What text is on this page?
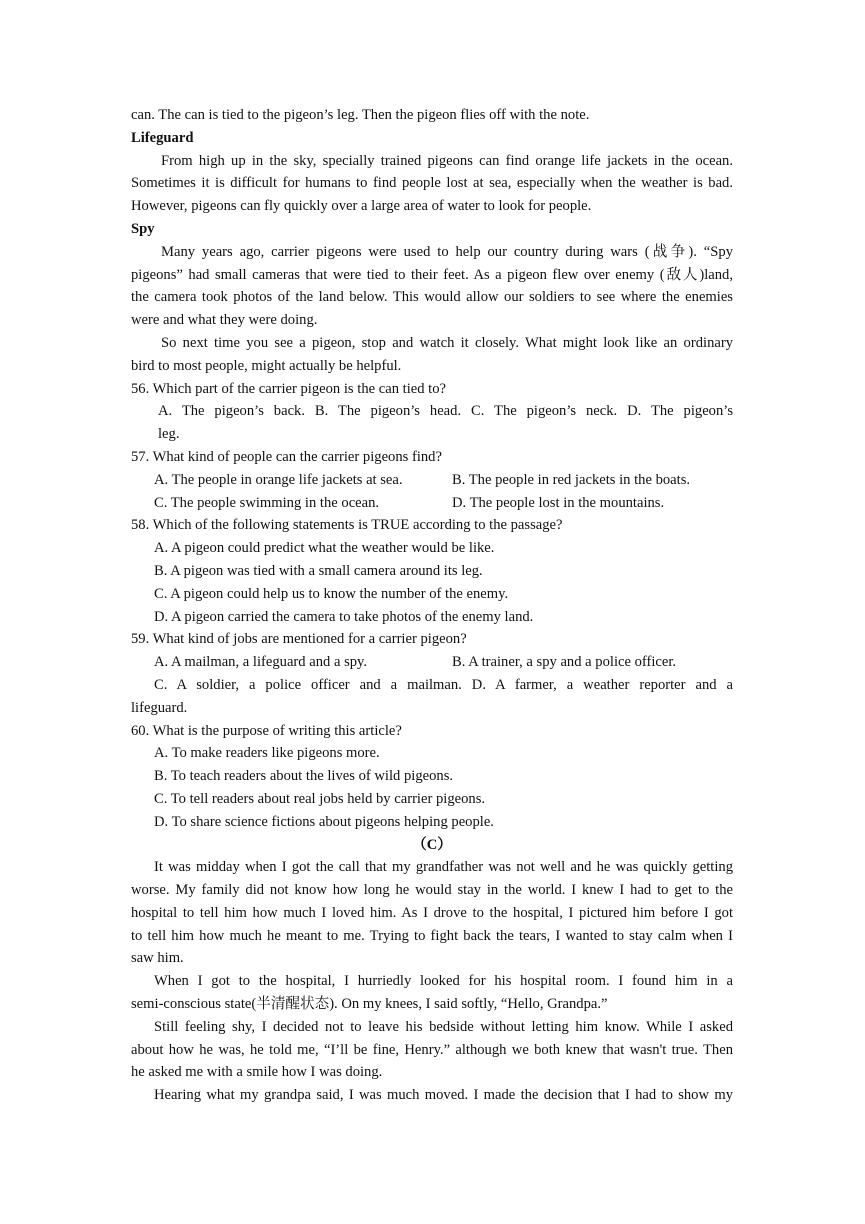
can. The can is tied to the pigeon’s leg. Then the pigeon flies off with the note.
Lifeguard
From high up in the sky, specially trained pigeons can find orange life jackets in the ocean.
Sometimes it is difficult for humans to find people lost at sea, especially when the weather is bad.
However, pigeons can fly quickly over a large area of water to look for people.
Spy
Many years ago, carrier pigeons were used to help our country during wars (战争). “Spy
pigeons” had small cameras that were tied to their feet. As a pigeon flew over enemy (敌人)land,
the camera took photos of the land below. This would allow our soldiers to see where the enemies
were and what they were doing.
So next time you see a pigeon, stop and watch it closely. What might look like an ordinary
bird to most people, might actually be helpful.
56. Which part of the carrier pigeon is the can tied to?
A. The pigeon’s back. B. The pigeon’s head. C. The pigeon’s neck. D. The pigeon’s
leg.
57. What kind of people can the carrier pigeons find?
A. The people in orange life jackets at sea.	B. The people in red jackets in the boats.
C. The people swimming in the ocean.	D. The people lost in the mountains.
58. Which of the following statements is TRUE according to the passage?
A. A pigeon could predict what the weather would be like.
B. A pigeon was tied with a small camera around its leg.
C. A pigeon could help us to know the number of the enemy.
D. A pigeon carried the camera to take photos of the enemy land.
59. What kind of jobs are mentioned for a carrier pigeon?
A. A mailman, a lifeguard and a spy.	B. A trainer, a spy and a police officer.
C. A soldier, a police officer and a mailman. D. A farmer, a weather reporter and a
lifeguard.
60. What is the purpose of writing this article?
A. To make readers like pigeons more.
B. To teach readers about the lives of wild pigeons.
C. To tell readers about real jobs held by carrier pigeons.
D. To share science fictions about pigeons helping people.
（C）
It was midday when I got the call that my grandfather was not well and he was quickly getting
worse. My family did not know how long he would stay in the world. I knew I had to get to the
hospital to tell him how much I loved him. As I drove to the hospital, I pictured him before I got
to tell him how much he meant to me. Trying to fight back the tears, I wanted to stay calm when I
saw him.
When I got to the hospital, I hurriedly looked for his hospital room. I found him in a
semi-conscious state(半清醒状态). On my knees, I said softly, “Hello, Grandpa.”
Still feeling shy, I decided not to leave his bedside without letting him know. While I asked
about how he was, he told me, “I’ll be fine, Henry.” although we both knew that wasn't true. Then
he asked me with a smile how I was doing.
Hearing what my grandpa said, I was much moved. I made the decision that I had to show my
